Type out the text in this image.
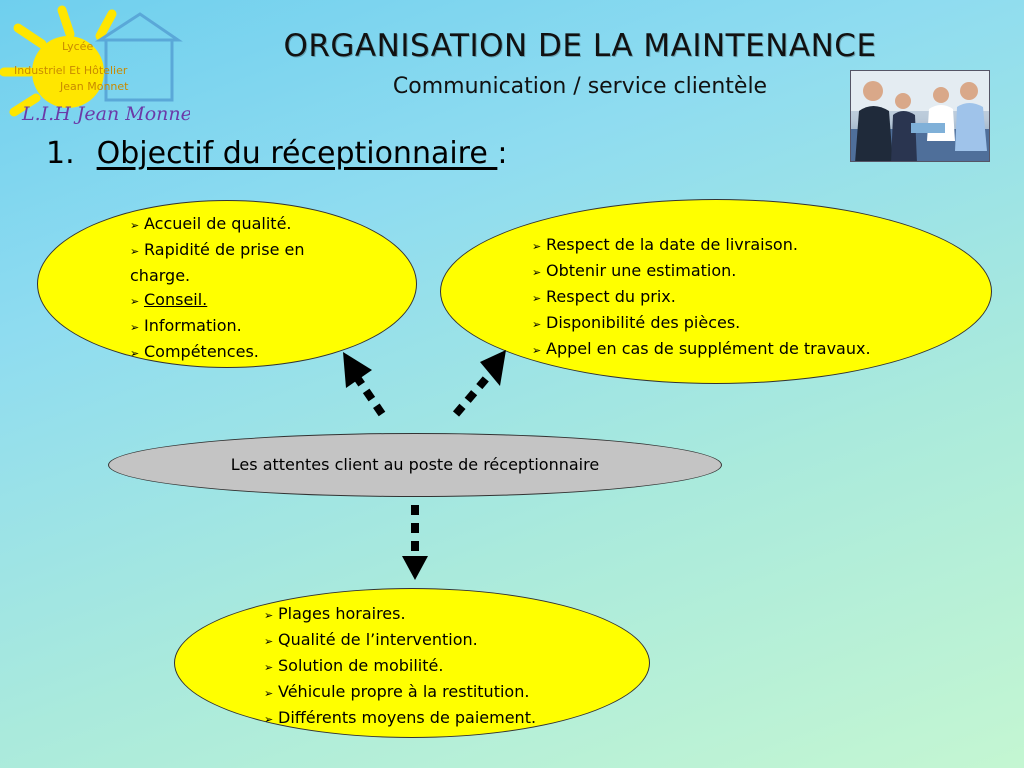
Lycée
Industriel Et Hôtelier
Jean Monnet
L.I.H Jean Monnet
ORGANISATION DE LA MAINTENANCE
Communication / service clientèle
1. Objectif du réceptionnaire :
Les attentes client au poste de réceptionnaire
➢ Accueil de qualité.
➢ Rapidité de prise en
charge.
➢ Conseil.
➢ Information.
➢ Compétences.
➢ Respect de la date de livraison.
➢ Obtenir une estimation.
➢ Respect du prix.
➢ Disponibilité des pièces.
➢ Appel en cas de supplément de travaux.
➢ Plages horaires.
➢ Qualité de l’intervention.
➢ Solution de mobilité.
➢ Véhicule propre à la restitution.
➢ Différents moyens de paiement.
